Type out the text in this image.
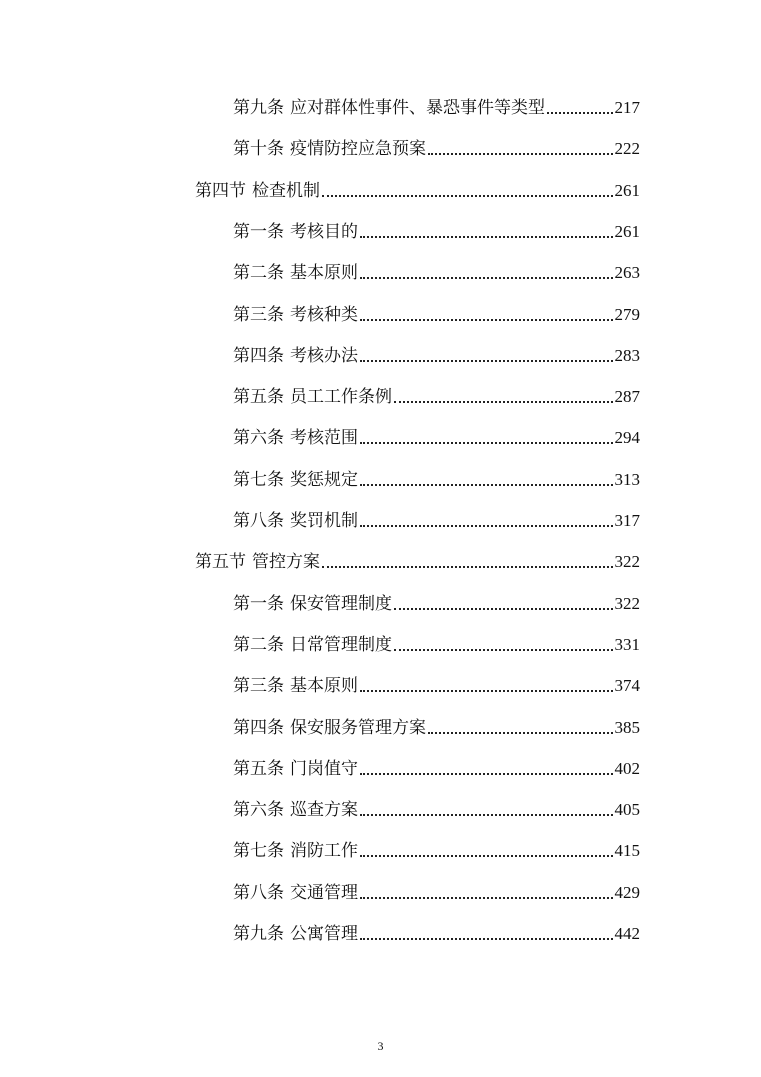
第九条 应对群体性事件、暴恐事件等类型	217
第十条 疫情防控应急预案	222
第四节 检查机制	261
第一条 考核目的	261
第二条 基本原则	263
第三条 考核种类	279
第四条 考核办法	283
第五条 员工工作条例	287
第六条 考核范围	294
第七条 奖惩规定	313
第八条 奖罚机制	317
第五节 管控方案	322
第一条 保安管理制度	322
第二条 日常管理制度	331
第三条 基本原则	374
第四条 保安服务管理方案	385
第五条 门岗值守	402
第六条 巡查方案	405
第七条 消防工作	415
第八条 交通管理	429
第九条 公寓管理	442
3
